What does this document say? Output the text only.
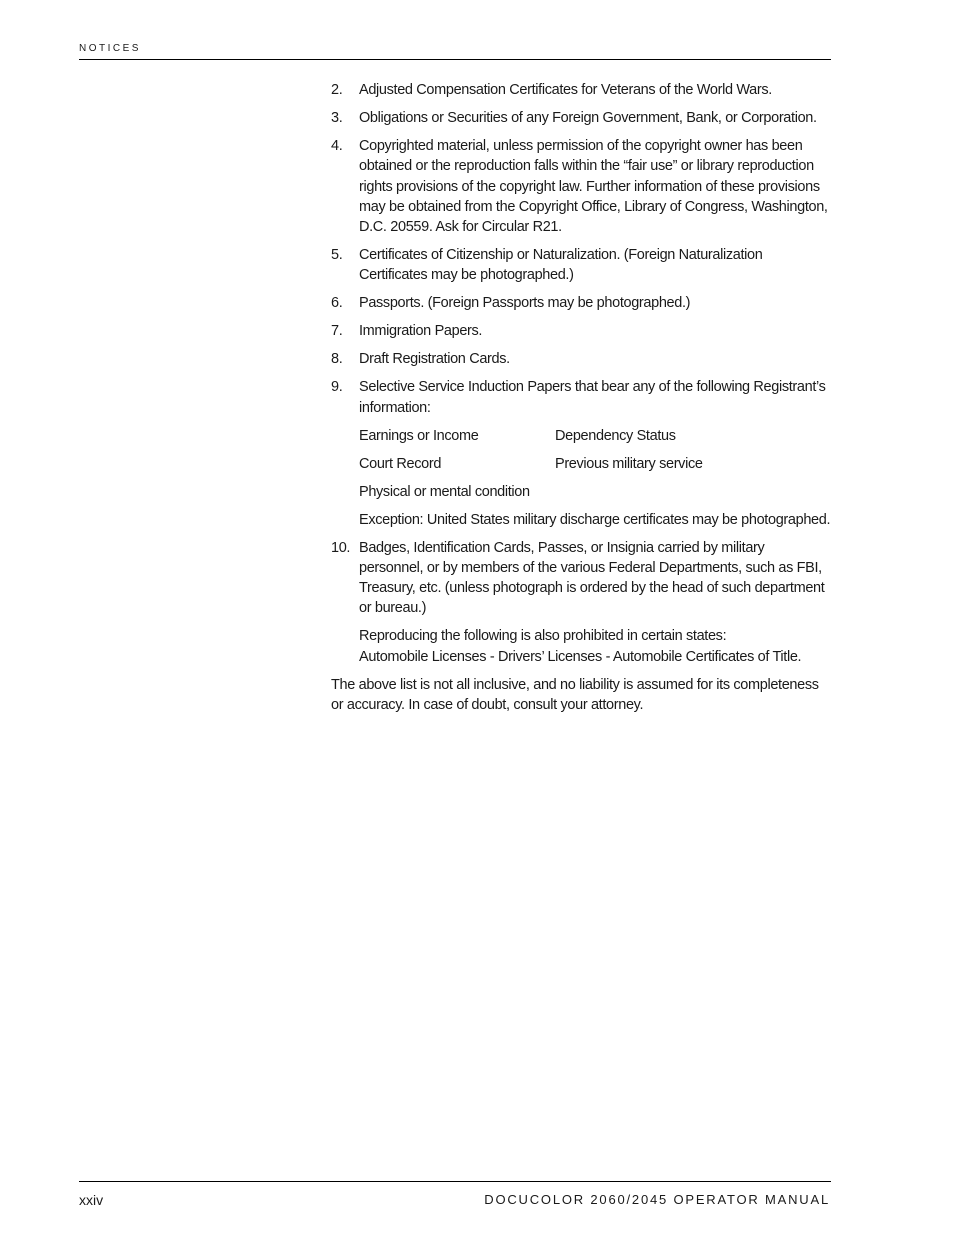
notices
2.	Adjusted Compensation Certificates for Veterans of the World Wars.
3.	Obligations or Securities of any Foreign Government, Bank, or Corporation.
4.	Copyrighted material, unless permission of the copyright owner has been obtained or the reproduction falls within the “fair use” or library reproduction rights provisions of the copyright law. Further information of these provisions may be obtained from the Copyright Office, Library of Congress, Washington, D.C. 20559. Ask for Circular R21.
5.	Certificates of Citizenship or Naturalization. (Foreign Naturalization Certificates may be photographed.)
6.	Passports. (Foreign Passports may be photographed.)
7.	Immigration Papers.
8.	Draft Registration Cards.
9.	Selective Service Induction Papers that bear any of the following Registrant’s information:
Earnings or Income	Dependency Status
Court Record	Previous military service
Physical or mental condition
Exception: United States military discharge certificates may be photographed.
10. Badges, Identification Cards, Passes, or Insignia carried by military personnel, or by members of the various Federal Departments, such as FBI, Treasury, etc. (unless photograph is ordered by the head of such department or bureau.)
Reproducing the following is also prohibited in certain states:
Automobile Licenses - Drivers’ Licenses - Automobile Certificates of Title.
The above list is not all inclusive, and no liability is assumed for its completeness or accuracy. In case of doubt, consult your attorney.
xxiv	DOCUCOLOR 2060/2045 OPERATOR MANUAL
